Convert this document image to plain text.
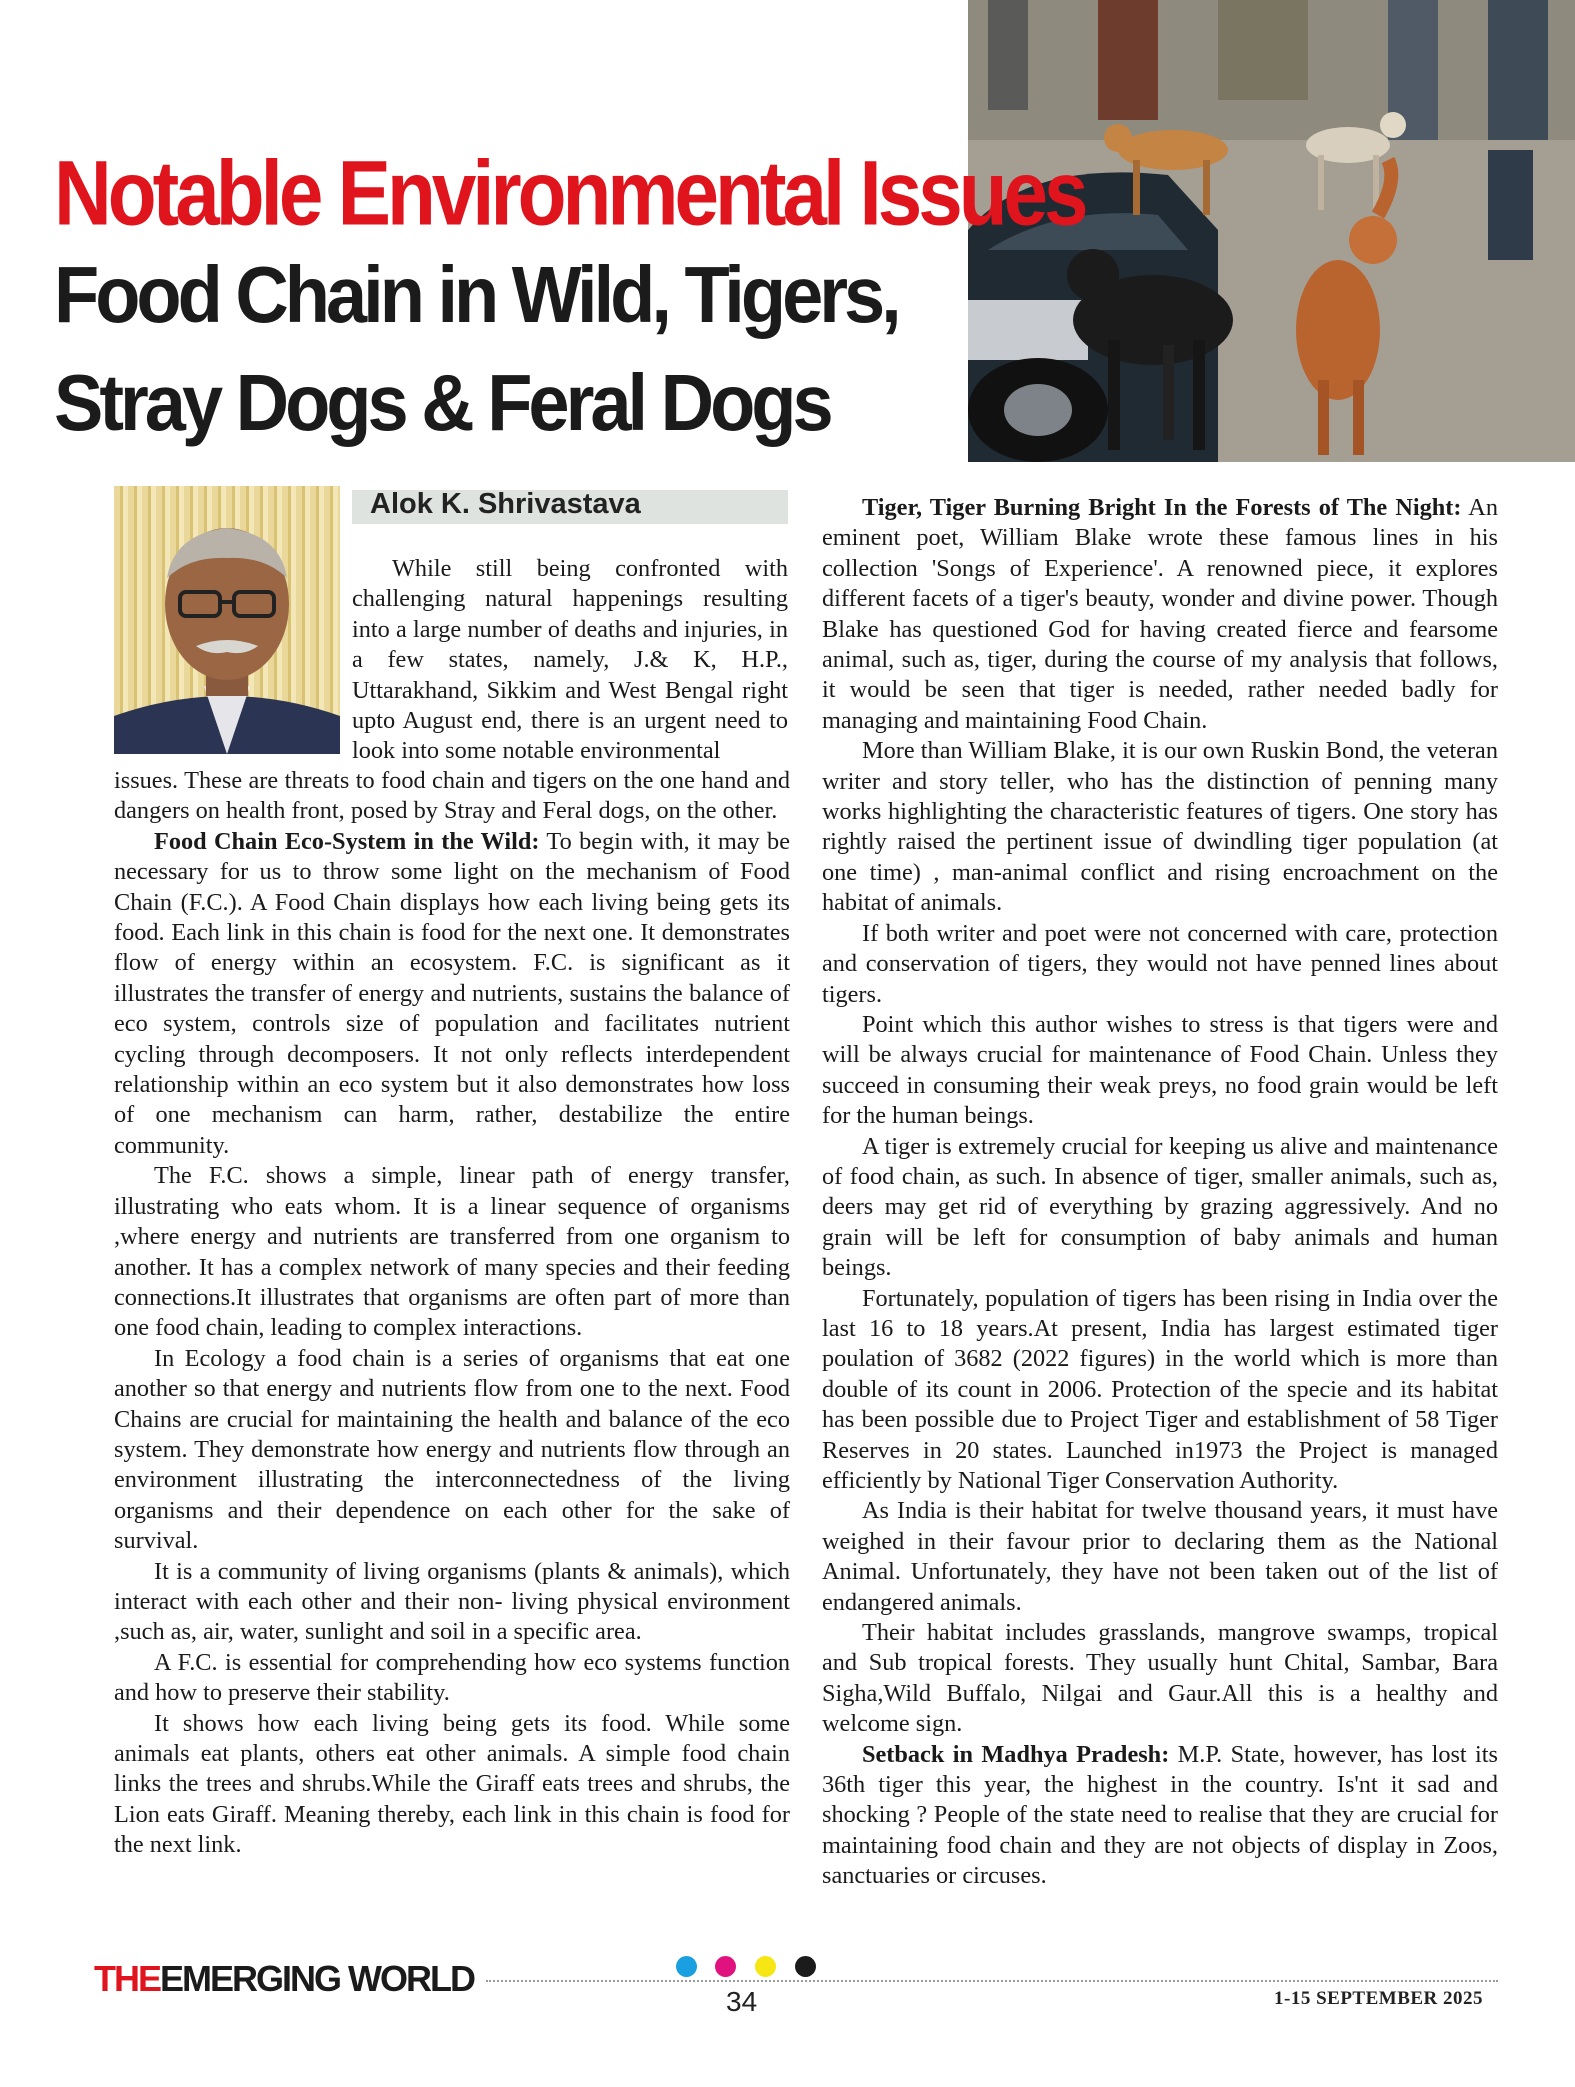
Notable Environmental Issues
Food Chain in Wild, Tigers,
Stray Dogs & Feral Dogs
Alok K. Shrivastava

While still being confronted with challenging natural happenings resulting into a large number of deaths and injuries, in a few states, namely, J.& K, H.P., Uttarakhand, Sikkim and West Bengal right upto August end, there is an urgent need to look into some notable environmental

issues. These are threats to food chain and tigers on the one hand and dangers on health front, posed by Stray and Feral dogs, on the other.

Food Chain Eco-System in the Wild: To begin with, it may be necessary for us to throw some light on the mechanism of Food Chain (F.C.). A Food Chain displays how each living being gets its food. Each link in this chain is food for the next one. It demonstrates flow of energy within an ecosystem. F.C. is significant as it illustrates the transfer of energy and nutrients, sustains the balance of eco system, controls size of population and facilitates nutrient cycling through decomposers. It not only reflects interdependent relationship within an eco system but it also demonstrates how loss of one mechanism can harm, rather, destabilize the entire community.

The F.C. shows a simple, linear path of energy transfer, illustrating who eats whom. It is a linear sequence of organisms ,where energy and nutrients are transferred from one organism to another. It has a complex network of many species and their feeding connections.It illustrates that organisms are often part of more than one food chain, leading to complex interactions.

In Ecology a food chain is a series of organisms that eat one another so that energy and nutrients flow from one to the next. Food Chains are crucial for maintaining the health and balance of the eco system. They demonstrate how energy and nutrients flow through an environment illustrating the interconnectedness of the living organisms and their dependence on each other for the sake of survival.

It is a community of living organisms (plants & animals), which interact with each other and their non- living physical environment ,such as, air, water, sunlight and soil in a specific area.

A F.C. is essential for comprehending how eco systems function and how to preserve their stability.

It shows how each living being gets its food. While some animals eat plants, others eat other animals. A simple food chain links the trees and shrubs.While the Giraff eats trees and shrubs, the Lion eats Giraff. Meaning thereby, each link in this chain is food for the next link.

Tiger, Tiger Burning Bright In the Forests of The Night: An eminent poet, William Blake wrote these famous lines in his collection 'Songs of Experience'. A renowned piece, it explores different facets of a tiger's beauty, wonder and divine power. Though Blake has questioned God for having created fierce and fearsome animal, such as, tiger, during the course of my analysis that follows, it would be seen that tiger is needed, rather needed badly for managing and maintaining Food Chain.

More than William Blake, it is our own Ruskin Bond, the veteran writer and story teller, who has the distinction of penning many works highlighting the characteristic features of tigers. One story has rightly raised the pertinent issue of dwindling tiger population (at one time) , man-animal conflict and rising encroachment on the habitat of animals.

If both writer and poet were not concerned with care, protection and conservation of tigers, they would not have penned lines about tigers.

Point which this author wishes to stress is that tigers were and will be always crucial for maintenance of Food Chain. Unless they succeed in consuming their weak preys, no food grain would be left for the human beings.

A tiger is extremely crucial for keeping us alive and maintenance of food chain, as such. In absence of tiger, smaller animals, such as, deers may get rid of everything by grazing aggressively. And no grain will be left for consumption of baby animals and human beings.

Fortunately, population of tigers has been rising in India over the last 16 to 18 years.At present, India has largest estimated tiger poulation of 3682 (2022 figures) in the world which is more than double of its count in 2006. Protection of the specie and its habitat has been possible due to Project Tiger and establishment of 58 Tiger Reserves in 20 states. Launched in1973 the Project is managed efficiently by National Tiger Conservation Authority.

As India is their habitat for twelve thousand years, it must have weighed in their favour prior to declaring them as the National Animal. Unfortunately, they have not been taken out of the list of endangered animals.

Their habitat includes grasslands, mangrove swamps, tropical and Sub tropical forests. They usually hunt Chital, Sambar, Bara Sigha,Wild Buffalo, Nilgai and Gaur.All this is a healthy and welcome sign.

Setback in Madhya Pradesh: M.P. State, however, has lost its 36th tiger this year, the highest in the country. Is'nt it sad and shocking ? People of the state need to realise that they are crucial for maintaining food chain and they are not objects of display in Zoos, sanctuaries or circuses.

THEEMERGING WORLD
34	1-15 SEPTEMBER 2025
